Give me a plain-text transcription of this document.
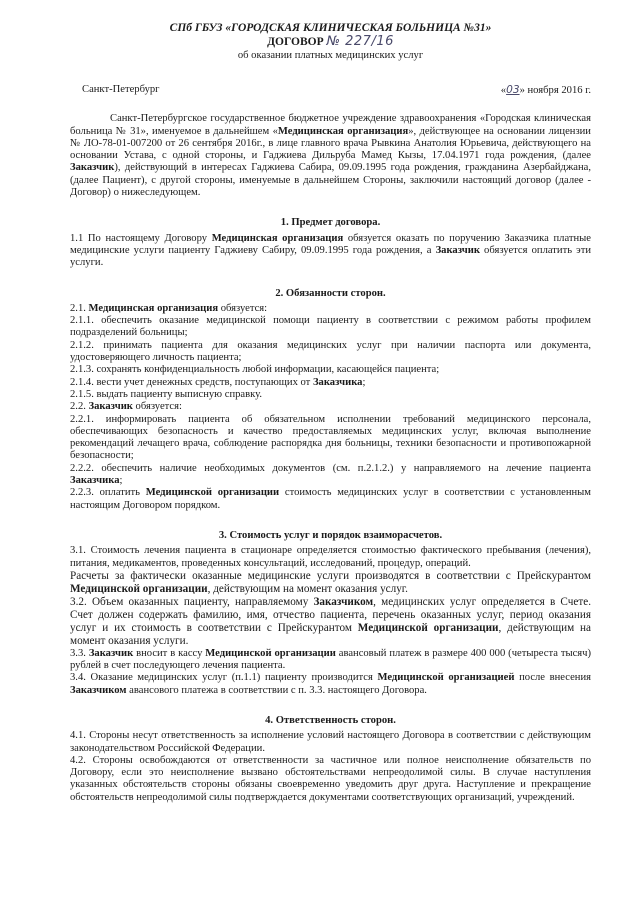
СПб ГБУЗ «ГОРОДСКАЯ КЛИНИЧЕСКАЯ БОЛЬНИЦА №31»
ДОГОВОР № 227/16
об оказании платных медицинских услуг
Санкт-Петербург	«03» ноября 2016 г.

Санкт-Петербургское государственное бюджетное учреждение здравоохранения «Городская клиническая больница № 31», именуемое в дальнейшем «Медицинская организация», действующее на основании лицензии № ЛО-78-01-007200 от 26 сентября 2016г., в лице главного врача Рывкина Анатолия Юрьевича, действующего на основании Устава, с одной стороны, и Гаджиева Дильруба Мамед Кызы, 17.04.1971 года рождения, (далее Заказчик), действующий в интересах Гаджиева Сабира, 09.09.1995 года рождения, гражданина Азербайджана, (далее Пациент), с другой стороны, именуемые в дальнейшем Стороны, заключили настоящий договор (далее - Договор) о нижеследующем.

1. Предмет договора.

1.1 По настоящему Договору Медицинская организация обязуется оказать по поручению Заказчика платные медицинские услуги пациенту Гаджиеву Сабиру, 09.09.1995 года рождения, а Заказчик обязуется оплатить эти услуги.

2. Обязанности сторон.

2.1. Медицинская организация обязуется:

2.1.1. обеспечить оказание медицинской помощи пациенту в соответствии с режимом работы профилем подразделений больницы;

2.1.2. принимать пациента для оказания медицинских услуг при наличии паспорта или документа, удостоверяющего личность пациента;

2.1.3. сохранять конфиденциальность любой информации, касающейся пациента;

2.1.4. вести учет денежных средств, поступающих от Заказчика;

2.1.5. выдать пациенту выписную справку.

2.2. Заказчик обязуется:

2.2.1. информировать пациента об обязательном исполнении требований медицинского персонала, обеспечивающих безопасность и качество предоставляемых медицинских услуг, включая выполнение рекомендаций лечащего врача, соблюдение распорядка дня больницы, техники безопасности и противопожарной безопасности;

2.2.2. обеспечить наличие необходимых документов (см. п.2.1.2.) у направляемого на лечение пациента Заказчика;

2.2.3. оплатить Медицинской организации стоимость медицинских услуг в соответствии с установленным настоящим Договором порядком.

3. Стоимость услуг и порядок взаиморасчетов.

3.1. Стоимость лечения пациента в стационаре определяется стоимостью фактического пребывания (лечения), питания, медикаментов, проведенных консультаций, исследований, процедур, операций.

Расчеты за фактически оказанные медицинские услуги производятся в соответствии с Прейскурантом Медицинской организации, действующим на момент оказания услуг.

3.2. Объем оказанных пациенту, направляемому Заказчиком, медицинских услуг определяется в Счете. Счет должен содержать фамилию, имя, отчество пациента, перечень оказанных услуг, период оказания услуг и их стоимость в соответствии с Прейскурантом Медицинской организации, действующим на момент оказания услуги.

3.3. Заказчик вносит в кассу Медицинской организации авансовый платеж в размере 400 000 (четыреста тысяч) рублей в счет последующего лечения пациента.

3.4. Оказание медицинских услуг (п.1.1) пациенту производится Медицинской организацией после внесения Заказчиком авансового платежа в соответствии с п. 3.3. настоящего Договора.

4. Ответственность сторон.

4.1. Стороны несут ответственность за исполнение условий настоящего Договора в соответствии с действующим законодательством Российской Федерации.

4.2. Стороны освобождаются от ответственности за частичное или полное неисполнение обязательств по Договору, если это неисполнение вызвано обстоятельствами непреодолимой силы. В случае наступления указанных обстоятельств стороны обязаны своевременно уведомить друг друга. Наступление и прекращение обстоятельств непреодолимой силы подтверждается документами соответствующих организаций, учреждений.
